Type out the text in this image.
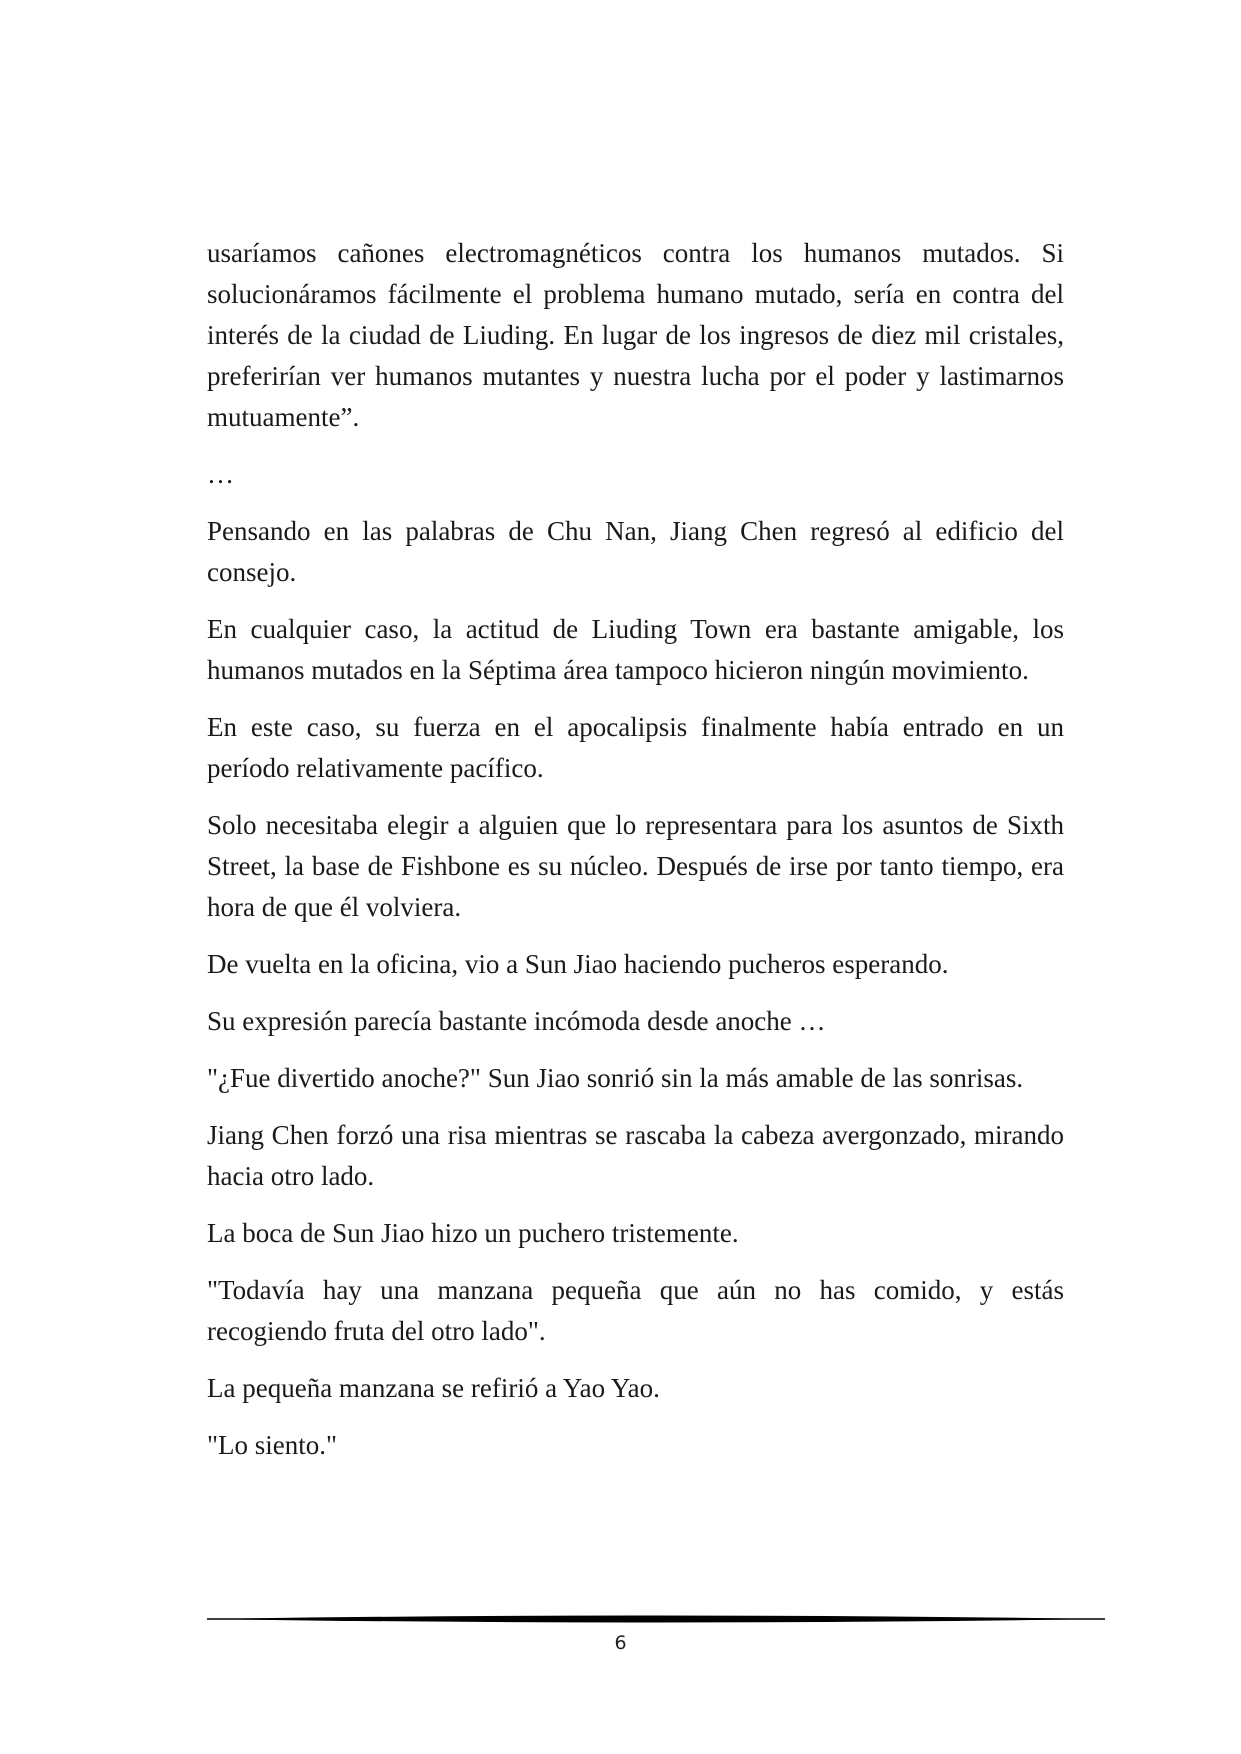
usaríamos cañones electromagnéticos contra los humanos mutados. Si solucionáramos fácilmente el problema humano mutado, sería en contra del interés de la ciudad de Liuding. En lugar de los ingresos de diez mil cristales, preferirían ver humanos mutantes y nuestra lucha por el poder y lastimarnos mutuamente”.

…

Pensando en las palabras de Chu Nan, Jiang Chen regresó al edificio del consejo.

En cualquier caso, la actitud de Liuding Town era bastante amigable, los humanos mutados en la Séptima área tampoco hicieron ningún movimiento.

En este caso, su fuerza en el apocalipsis finalmente había entrado en un período relativamente pacífico.

Solo necesitaba elegir a alguien que lo representara para los asuntos de Sixth Street, la base de Fishbone es su núcleo. Después de irse por tanto tiempo, era hora de que él volviera.

De vuelta en la oficina, vio a Sun Jiao haciendo pucheros esperando.

Su expresión parecía bastante incómoda desde anoche …

"¿Fue divertido anoche?" Sun Jiao sonrió sin la más amable de las sonrisas.

Jiang Chen forzó una risa mientras se rascaba la cabeza avergonzado, mirando hacia otro lado.

La boca de Sun Jiao hizo un puchero tristemente.

"Todavía hay una manzana pequeña que aún no has comido, y estás recogiendo fruta del otro lado".

La pequeña manzana se refirió a Yao Yao.

"Lo siento."

6
